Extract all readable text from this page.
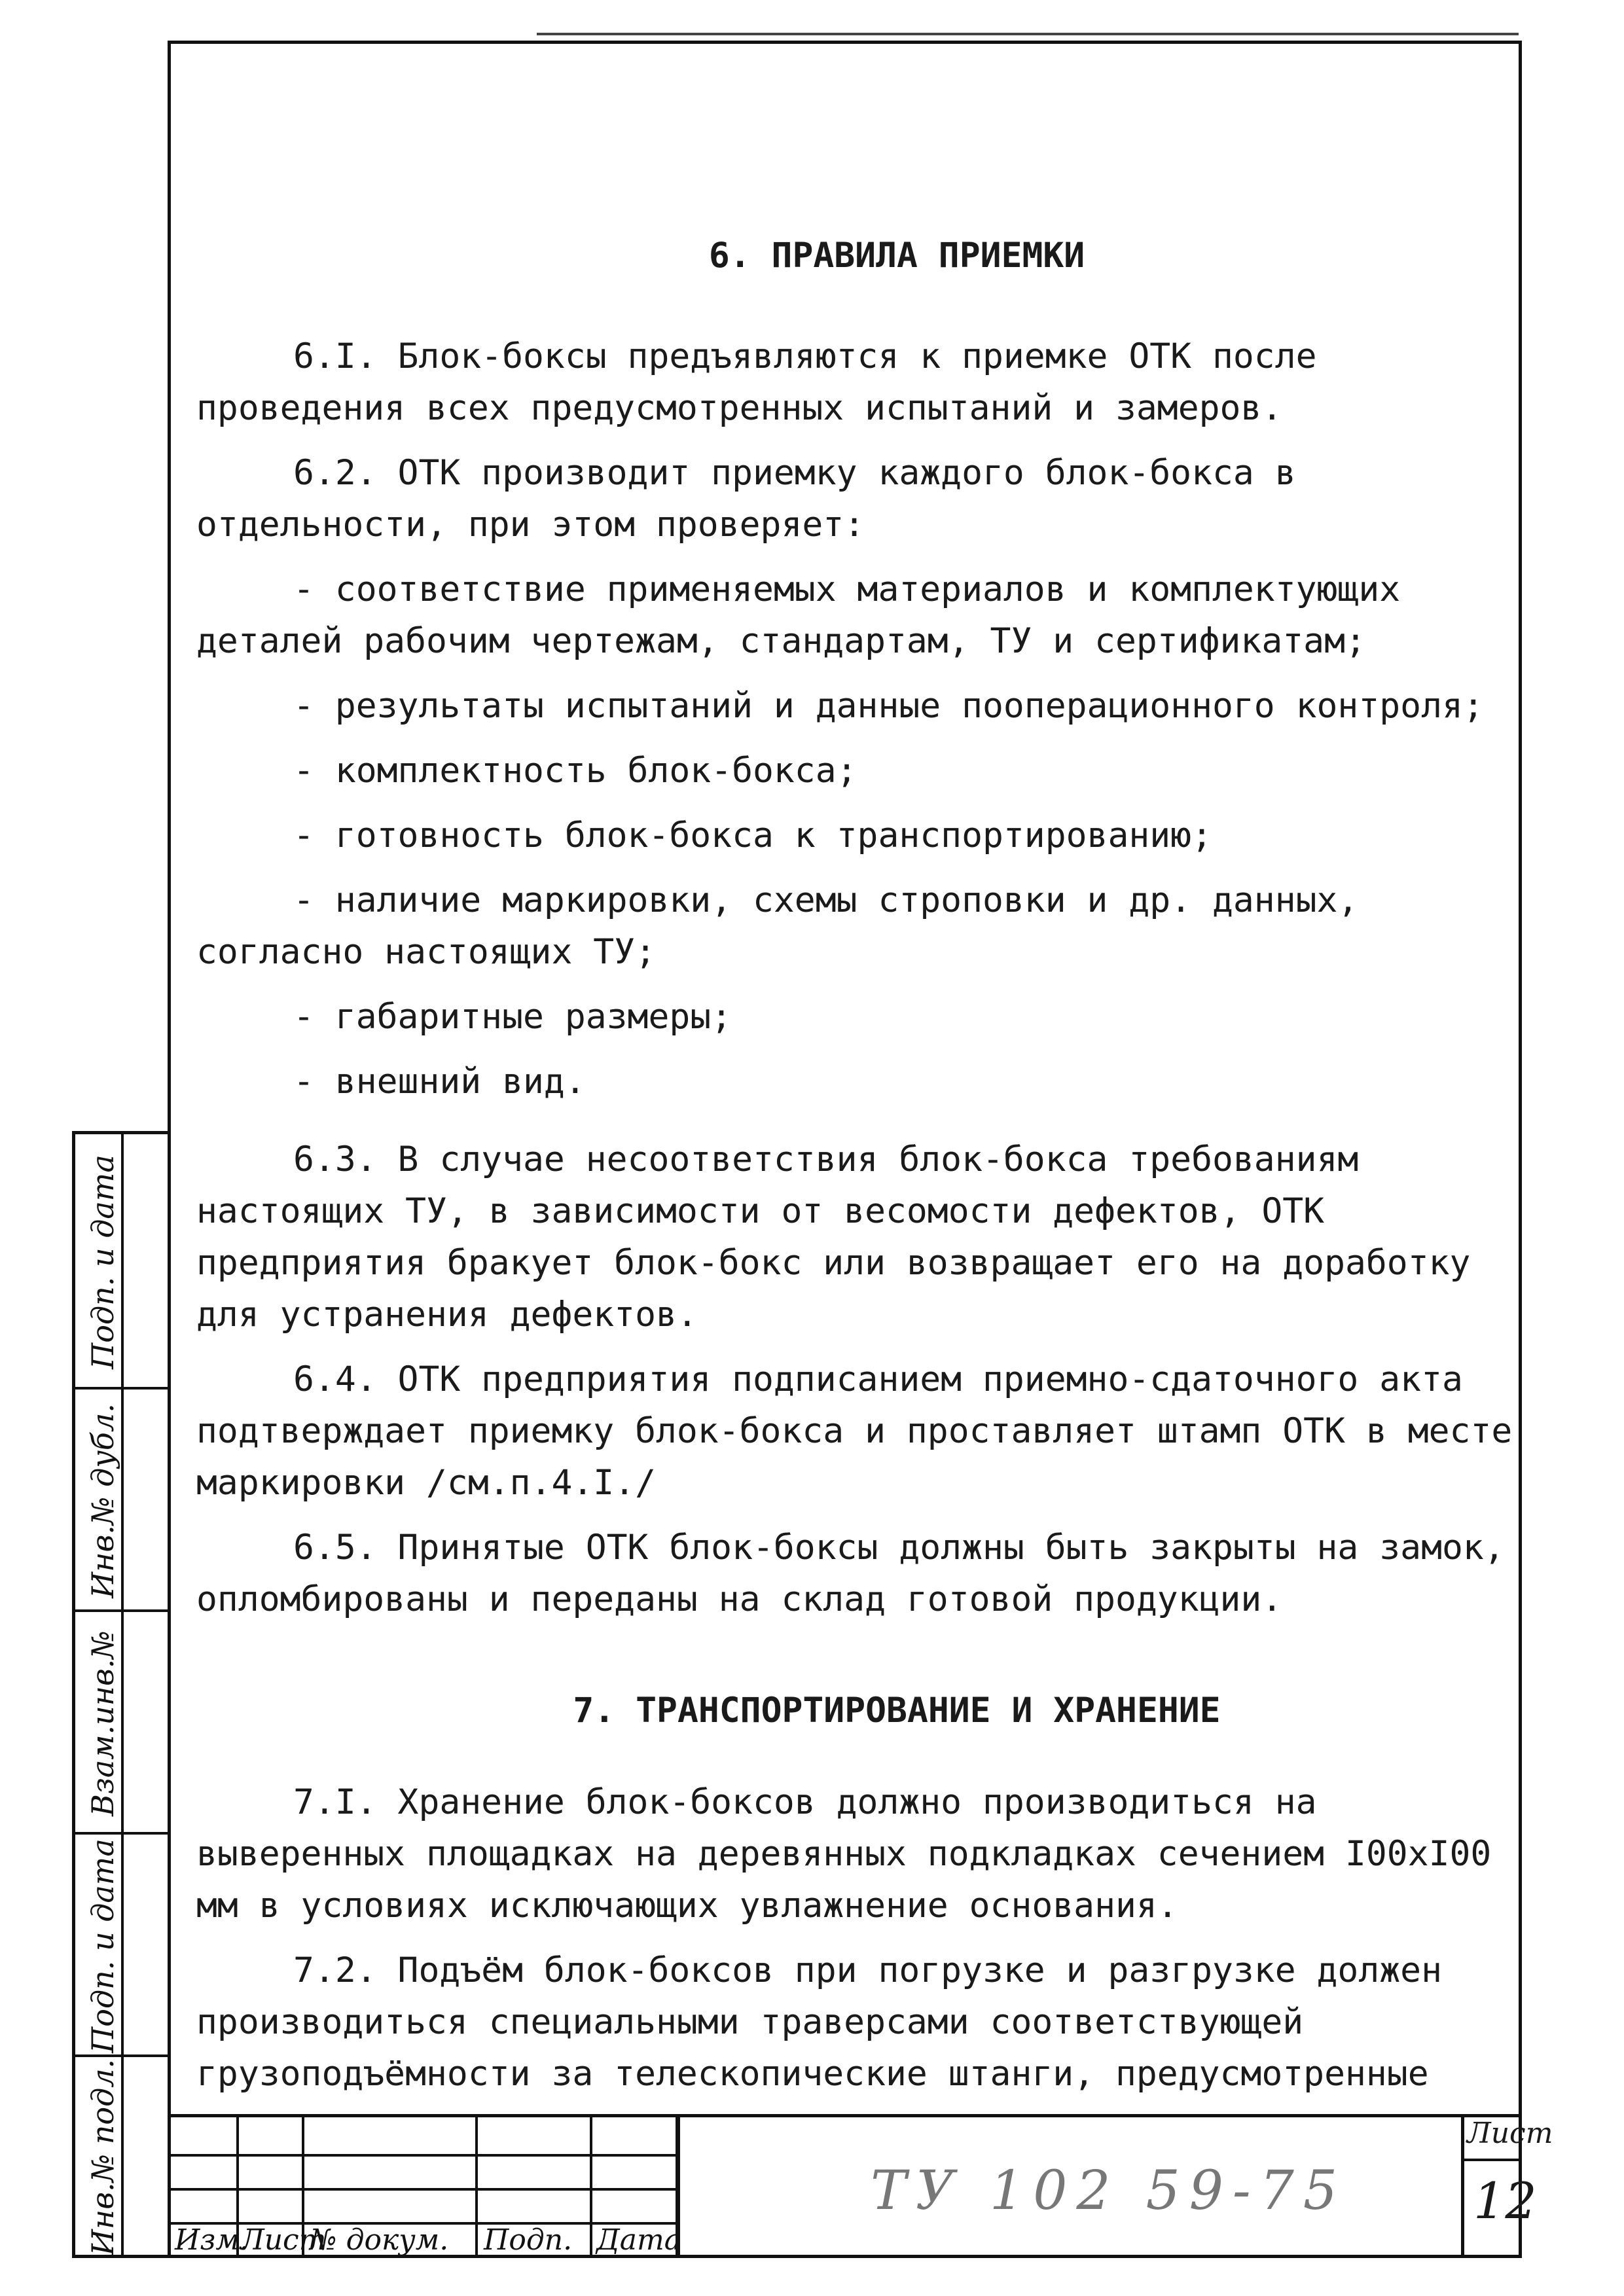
Подп. и дата
Инв.№ дубл.
Взам.инв.№
Подп. и дата
Инв.№ подл.
6. ПРАВИЛА ПРИЕМКИ

6.I. Блок-боксы предъявляются к приемке ОТК после проведения всех предусмотренных испытаний и замеров.

6.2. ОТК производит приемку каждого блок-бокса в отдельности, при этом проверяет:

- соответствие применяемых материалов и комплектующих деталей рабочим чертежам, стандартам, ТУ и сертификатам;

- результаты испытаний и данные пооперационного контроля;

- комплектность блок-бокса;

- готовность блок-бокса к транспортированию;

- наличие маркировки, схемы строповки и др. данных, согласно настоящих ТУ;

- габаритные размеры;

- внешний вид.

6.3. В случае несоответствия блок-бокса требованиям настоящих ТУ, в зависимости от весомости дефектов, ОТК предприятия бракует блок-бокс или возвращает его на доработку для устранения дефектов.

6.4. ОТК предприятия подписанием приемно-сдаточного акта подтверждает приемку блок-бокса и проставляет штамп ОТК в месте маркировки /см.п.4.I./

6.5. Принятые ОТК блок-боксы должны быть закрыты на замок, опломбированы и переданы на склад готовой продукции.

7. ТРАНСПОРТИРОВАНИЕ И ХРАНЕНИЕ

7.I. Хранение блок-боксов должно производиться на выверенных площадках на деревянных подкладках сечением I00xI00 мм в условиях исключающих увлажнение основания.

7.2. Подъём блок-боксов при погрузке и разгрузке должен производиться специальными траверсами соответствующей грузоподъёмности за телескопические штанги, предусмотренные

Изм.
Лист
№ докум. Подп. Дата
ТУ 102 59-75
Лист
12
